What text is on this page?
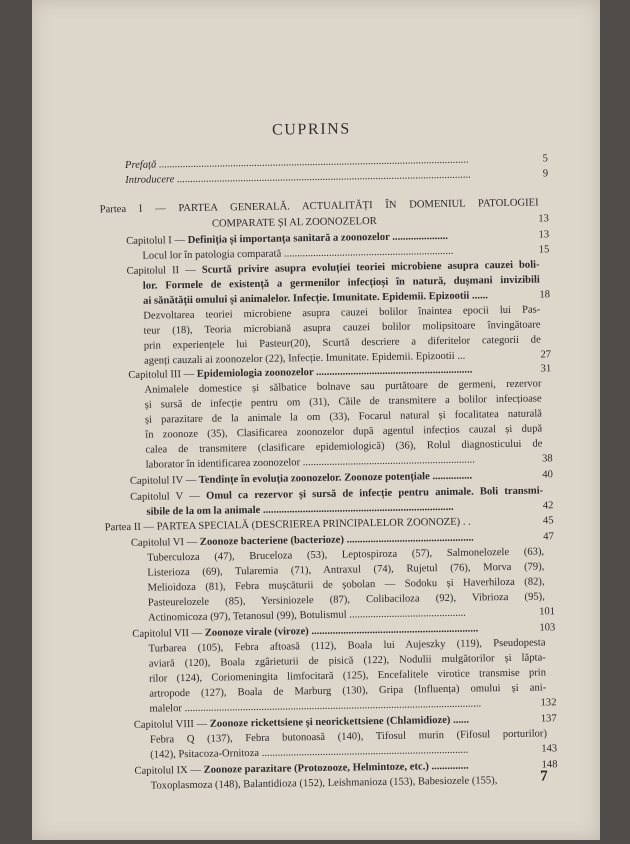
CUPRINS
Prefață .....................................................................................................................	5
Introducere ...............................................................................................................	9
Partea I — PARTEA GENERALĂ. ACTUALITĂȚI ÎN DOMENIUL PATOLOGIEI
COMPARATE ȘI AL ZOONOZELOR	13
Capitolul I — Definiția și importanța sanitară a zoonozelor .....................	13
Locul lor în patologia comparată ................................................................	15
Capitolul II — Scurtă privire asupra evoluției teoriei microbiene asupra cauzei boli-
lor. Formele de existență a germenilor infecțioși în natură, dușmani invizibili
ai sănătății omului și animalelor. Infecție. Imunitate. Epidemii. Epizootii ......	18
Dezvoltarea teoriei microbiene asupra cauzei bolilor înaintea epocii lui Pas-
teur (18), Teoria microbiană asupra cauzei bolilor molipsitoare învingătoare
prin experiențele lui Pasteur(20), Scurtă descriere a diferitelor categorii de
agenți cauzali ai zoonozelor (22), Infecție. Imunitate. Epidemii. Epizootii ...	27
Capitolul III — Epidemiologia zoonozelor ...........................................................	31
Animalele domestice și sălbatice bolnave sau purtătoare de germeni, rezervor
și sursă de infecție pentru om (31), Căile de transmitere a bolilor infecțioase
și parazitare de la animale la om (33), Focarul natural și focalitatea naturală
în zoonoze (35), Clasificarea zoonozelor după agentul infecțios cauzal și după
calea de transmitere (clasificare epidemiologică) (36), Rolul diagnosticului de
laborator în identificarea zoonozelor .................................................................	38
Capitolul IV — Tendințe în evoluția zoonozelor. Zoonoze potențiale ...............	40
Capitolul V — Omul ca rezervor și sursă de infecție pentru animale. Boli transmi-
sibile de la om la animale ........................................................................	42
Partea II — PARTEA SPECIALĂ (DESCRIEREA PRINCIPALELOR ZOONOZE) . .	45
Capitolul VI — Zoonoze bacteriene (bacterioze) ................................................	47
Tuberculoza (47), Bruceloza (53), Leptospiroza (57), Salmonelozele (63),
Listerioza (69), Tularemia (71), Antraxul (74), Rujetul (76), Morva (79),
Melioidoza (81), Febra mușcăturii de șobolan — Sodoku și Haverhiloza (82),
Pasteurelozele (85), Yersiniozele (87), Colibaciloza (92), Vibrioza (95),
Actinomicoza (97), Tetanosul (99), Botulismul ............................................	101
Capitolul VII — Zoonoze virale (viroze) ...............................................................	103
Turbarea (105), Febra aftoasă (112), Boala lui Aujeszky (119), Pseudopesta
aviară (120), Boala zgârieturii de pisică (122), Nodulii mulgătorilor și lăpta-
rilor (124), Coriomeningita limfocitară (125), Encefalitele virotice transmise prin
artropode (127), Boala de Marburg (130), Gripa (Influența) omului și ani-
malelor ................................................................................................................	132
Capitolul VIII — Zoonoze rickettsiene și neorickettsiene (Chlamidioze) ......	137
Febra Q (137), Febra butonoasă (140), Tifosul murin (Fifosul porturilor)
(142), Psitacoza-Ornitoza ..............................................................................	143
Capitolul IX — Zoonoze parazitare (Protozooze, Helmintoze, etc.) ..............	148
Toxoplasmoza (148), Balantidioza (152), Leishmanioza (153), Babesiozele (155),	7
